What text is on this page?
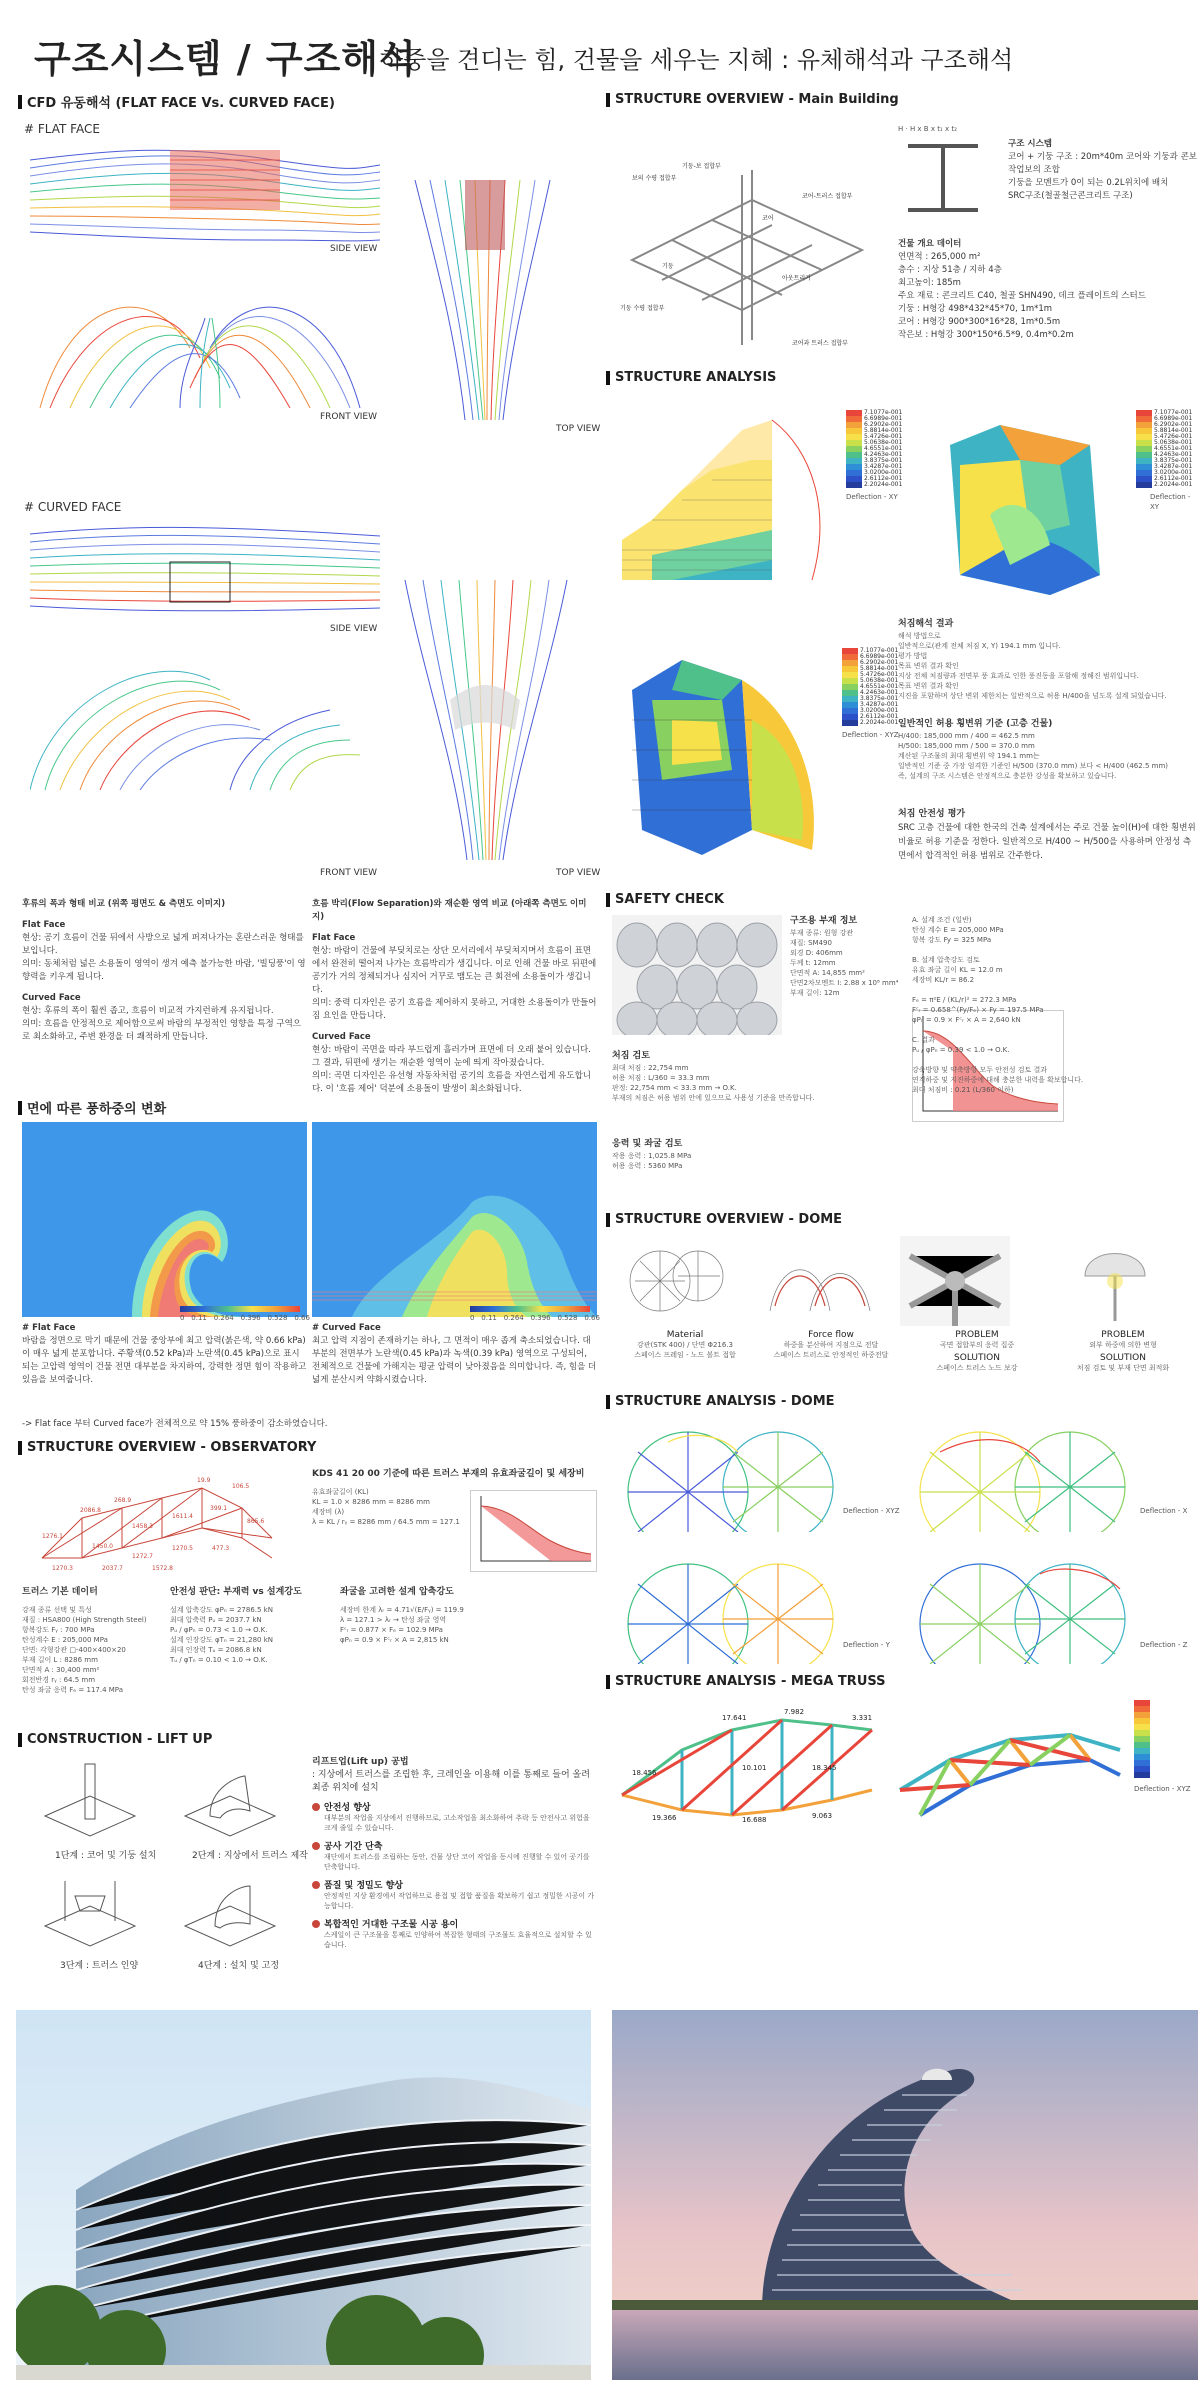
구조시스템 / 구조해석
하중을 견디는 힘, 건물을 세우는 지혜 : 유체해석과 구조해석
CFD 유동해석 (FLAT FACE Vs. CURVED FACE)
# FLAT FACE
SIDE VIEW
FRONT VIEW
TOP VIEW
# CURVED FACE
SIDE VIEW
FRONT VIEW	TOP VIEW
후류의 폭과 형태 비교 (위쪽 평면도 & 측면도 이미지)
Flat Face
현상: 공기 흐름이 건물 뒤에서 사방으로 넓게 퍼져나가는 혼란스러운 형태를 보입니다.
의미: 동체처럼 넓은 소용돌이 영역이 생겨 예측 불가능한 바람, '빌딩풍'이 영향력을 키우게 됩니다.
Curved Face
현상: 후류의 폭이 훨씬 좁고, 흐름이 비교적 가지런하게 유지됩니다.
의미: 흐름을 안정적으로 제어함으로써 바람의 부정적인 영향을 특정 구역으로 최소화하고, 주변 환경을 더 쾌적하게 만듭니다.
흐름 박리(Flow Separation)와 재순환 영역 비교 (아래쪽 측면도 이미지)
Flat Face
현상: 바람이 건물에 부딪치로는 상단 모서리에서 부딪쳐지며서 흐름이 표면에서 완전히 떨어져 나가는 흐름박리가 생깁니다. 이로 인해 건물 바로 뒤편에 공기가 거의 정체되거나 심지어 거꾸로 맴도는 큰 회전에 소용돌이가 생깁니다.
의미: 중력 디자인은 공기 흐름을 제어하지 못하고, 거대한 소용돌이가 만들어짐 요인을 만듭니다.
Curved Face
현상: 바람이 곡면을 따라 부드럽게 흘러가며 표면에 더 오래 붙어 있습니다. 그 결과, 뒤편에 생기는 재순환 영역이 눈에 띄게 작아졌습니다.
의미: 곡면 디자인은 유선형 자동차처럼 공기의 흐름을 자연스럽게 유도합니다. 이 '흐름 제어' 덕분에 소용돌이 발생이 최소화됩니다.
면에 따른 풍하중의 변화
0 0.11 0.264 0.396 0.528 0.66	0 0.11 0.264 0.396 0.528 0.66
# Flat Face
바람을 정면으로 막기 때문에 건물 중앙부에 최고 압력(붉은색, 약 0.66 kPa)이 매우 넓게 분포합니다. 주황색(0.52 kPa)과 노란색(0.45 kPa)으로 표시되는 고압력 영역이 건물 전면 대부분을 차지하여, 강력한 정면 힘이 작용하고 있음을 보여줍니다.
# Curved Face
최고 압력 지점이 존재하기는 하나, 그 면적이 매우 좁게 축소되었습니다. 대부분의 전면부가 노란색(0.45 kPa)과 녹색(0.39 kPa) 영역으로 구성되어, 전체적으로 건물에 가해지는 평균 압력이 낮아졌음을 의미합니다. 즉, 힘을 더 넓게 분산시켜 약화시켰습니다.
-> Flat face 부터 Curved face가 전체적으로 약 15% 풍하중이 감소하였습니다.
STRUCTURE OVERVIEW - OBSERVATORY
19.9
106.5
268.9
2086.8
1458.3
1611.4
399.1
865.6
1276.1
1270.3
1450.0
1272.7
1270.5
2037.7	1572.8
477.3
KDS 41 20 00 기준에 따른 트러스 부재의 유효좌굴길이 및 세장비
유효좌굴길이 (KL)
KL = 1.0 × 8286 mm = 8286 mm
세장비 (λ)
λ = KL / rᵧ = 8286 mm / 64.5 mm = 127.1
트러스 기본 데이터
강재 종류 선택 및 특성
재질 : HSA800 (High Strength Steel)
항복강도 Fᵧ : 700 MPa
탄성계수 E : 205,000 MPa
단면: 각형강관 □-400×400×20
부재 길이 L : 8286 mm
단면적 A : 30,400 mm²
회전반경 rᵧ : 64.5 mm
탄성 좌굴 응력 Fₑ = 117.4 MPa
안전성 판단: 부재력 vs 설계강도
설계 압축강도 φPₙ = 2786.5 kN
최대 압축력 Pᵤ = 2037.7 kN
Pᵤ / φPₙ = 0.73 < 1.0 → O.K.
설계 인장강도 φTₙ = 21,280 kN
최대 인장력 Tᵤ = 2086.8 kN
Tᵤ / φTₙ = 0.10 < 1.0 → O.K.
좌굴을 고려한 설계 압축강도
세장비 한계 λᵣ = 4.71√(E/Fᵧ) = 119.9
λ = 127.1 > λᵣ → 탄성 좌굴 영역
Fᶜᵣ = 0.877 × Fₑ = 102.9 MPa
φPₙ = 0.9 × Fᶜᵣ × A = 2,815 kN
CONSTRUCTION - LIFT UP
1단계 : 코어 및 기둥 설치	2단계 : 지상에서 트러스 제작
3단계 : 트러스 인양	4단계 : 설치 및 고정
리프트업(Lift up) 공법
: 지상에서 트러스를 조립한 후, 크레인을 이용해 이를 통째로 들어 올려 최종 위치에 설치
안전성 향상
대부분의 작업을 지상에서 진행하므로, 고소작업을 최소화하여 추락 등 안전사고 위험을 크게 줄일 수 있습니다.
공사 기간 단축
재단에서 트러스를 조립하는 동안, 건물 상단 코어 작업을 동시에 진행할 수 있어 공기를 단축합니다.
품질 및 정밀도 향상
안정적인 지상 환경에서 작업하므로 용접 및 접합 품질을 확보하기 쉽고 정밀한 시공이 가능합니다.
복합적인 거대한 구조물 시공 용이
스케일이 큰 구조물을 통째로 인양하여 복잡한 형태의 구조물도 효율적으로 설치할 수 있습니다.
STRUCTURE OVERVIEW - Main Building
보의 수평 접합부
기둥-보 접합부
기둥
코어
기둥 수평 접합부
코어-트러스 접합부
아웃트리거
코어과 트러스 접합부
H · H x B x t₁ x t₂
구조 시스템
코어 + 기둥 구조 : 20m*40m 코어와 기둥과 콘보 작업보의 조합
기둥을 모멘트가 0이 되는 0.2L위치에 배치
SRC구조(철골철근콘크리트 구조)
건물 개요 데이터
연면적 : 265,000 m²
층수 : 지상 51층 / 지하 4층
최고높이: 185m
주요 재료 : 콘크리트 C40, 철골 SHN490, 데크 플레이트의 스터드
기둥 : H형강 498*432*45*70, 1m*1m
코어 : H형강 900*300*16*28, 1m*0.5m
작은보 : H형강 300*150*6.5*9, 0.4m*0.2m
STRUCTURE ANALYSIS
7.1077e-001
6.6989e-001
6.2902e-001
5.8814e-001
5.4726e-001
5.0638e-001
4.6551e-001
4.2463e-001
3.8375e-001
3.4287e-001
3.0200e-001
2.6112e-001
2.2024e-001
Deflection - XY
7.1077e-001
6.6989e-001
6.2902e-001
5.8814e-001
5.4726e-001
5.0638e-001
4.6551e-001
4.2463e-001
3.8375e-001
3.4287e-001
3.0200e-001
2.6112e-001
2.2024e-001
Deflection - XY
7.1077e-001
6.6989e-001
6.2902e-001
5.8814e-001
5.4726e-001
5.0638e-001
4.6551e-001
4.2463e-001
3.8375e-001
3.4287e-001
3.0200e-001
2.6112e-001
2.2024e-001
Deflection - XYZ
처짐해석 결과
해석 방법으로
일반적으로(관계 전체 처짐 X, Y) 194.1 mm 입니다.
평가 방법
목표 변위 결과 확인
지상 전체 처짐량과 전면부 풍 효과로 인한 풍진동을 포함해 정해진 범위입니다.
목표 변위 결과 확인
지진을 포함하며 상단 변위 제한치는 일반적으로 허용 H/400을 넘도록 설계 되었습니다.
일반적인 허용 횡변위 기준 (고층 건물)
H/400: 185,000 mm / 400 = 462.5 mm
H/500: 185,000 mm / 500 = 370.0 mm
계산된 구조물의 최대 횡변위 약 194.1 mm는
일반적인 기준 중 가장 엄격한 기준인 H/500 (370.0 mm) 보다 < H/400 (462.5 mm)
즉, 설계의 구조 시스템은 안정적으로 충분한 강성을 확보하고 있습니다.
처짐 안전성 평가
SRC 고층 건물에 대한 한국의 건축 설계에서는 주로 건물 높이(H)에 대한 횡변위 비율로 허용 기준을 정한다. 일반적으로 H/400 ~ H/500을 사용하며 안정성 측면에서 합격적인 허용 범위로 간주한다.
SAFETY CHECK
구조용 부재 정보
부재 종류: 원형 강관
재질: SM490
외경 D: 406mm
두께 t: 12mm
단면적 A: 14,855 mm²
단면2차모멘트 I: 2.88 x 10⁸ mm⁴
부재 길이: 12m
처짐 검토
최대 처짐 : 22,754 mm
허용 처짐 : L/360 = 33.3 mm
판정: 22,754 mm < 33.3 mm → O.K.
부재의 처짐은 허용 범위 안에 있으므로 사용성 기준을 만족합니다.
응력 및 좌굴 검토
작용 응력 : 1,025.8 MPa
허용 응력 : 5360 MPa
A. 설계 조건 (일반)
탄성 계수 E = 205,000 MPa
항복 강도 Fy = 325 MPa

B. 설계 압축강도 검토
유효 좌굴 길이 KL = 12.0 m
세장비 KL/r = 86.2

Fₑ = π²E / (KL/r)² = 272.3 MPa
Fᶜᵣ = 0.658^(Fy/Fₑ) × Fy = 197.5 MPa
φPₙ = 0.9 × Fᶜᵣ × A = 2,640 kN

C. 결과
Pᵤ / φPₙ = 0.39 < 1.0 → O.K.

강축방향 및 약축방향 모두 안전성 검토 결과
연직하중 및 지진하중에 대해 충분한 내력을 확보합니다.
최대 처짐비 : 0.21 (L/360 이하)
STRUCTURE OVERVIEW - DOME
Material
강관(STK 400) / 단면 Φ216.3
스페이스 프레임 - 노드 볼트 접합
Force flow
하중을 분산하여 지점으로 전달
스페이스 트러스로 안정적인 하중전달
PROBLEM
곡면 접합부의 응력 집중
SOLUTION
스페이스 트러스 노드 보강
PROBLEM
외부 하중에 의한 변형
SOLUTION
처짐 검토 및 부재 단면 최적화
STRUCTURE ANALYSIS - DOME
Deflection - XYZ	Deflection - X
Deflection - Y	Deflection - Z
STRUCTURE ANALYSIS - MEGA TRUSS
17.641
7.982
3.331
18.456
10.101	18.345
19.366	16.688	9.063
Deflection - XYZ
